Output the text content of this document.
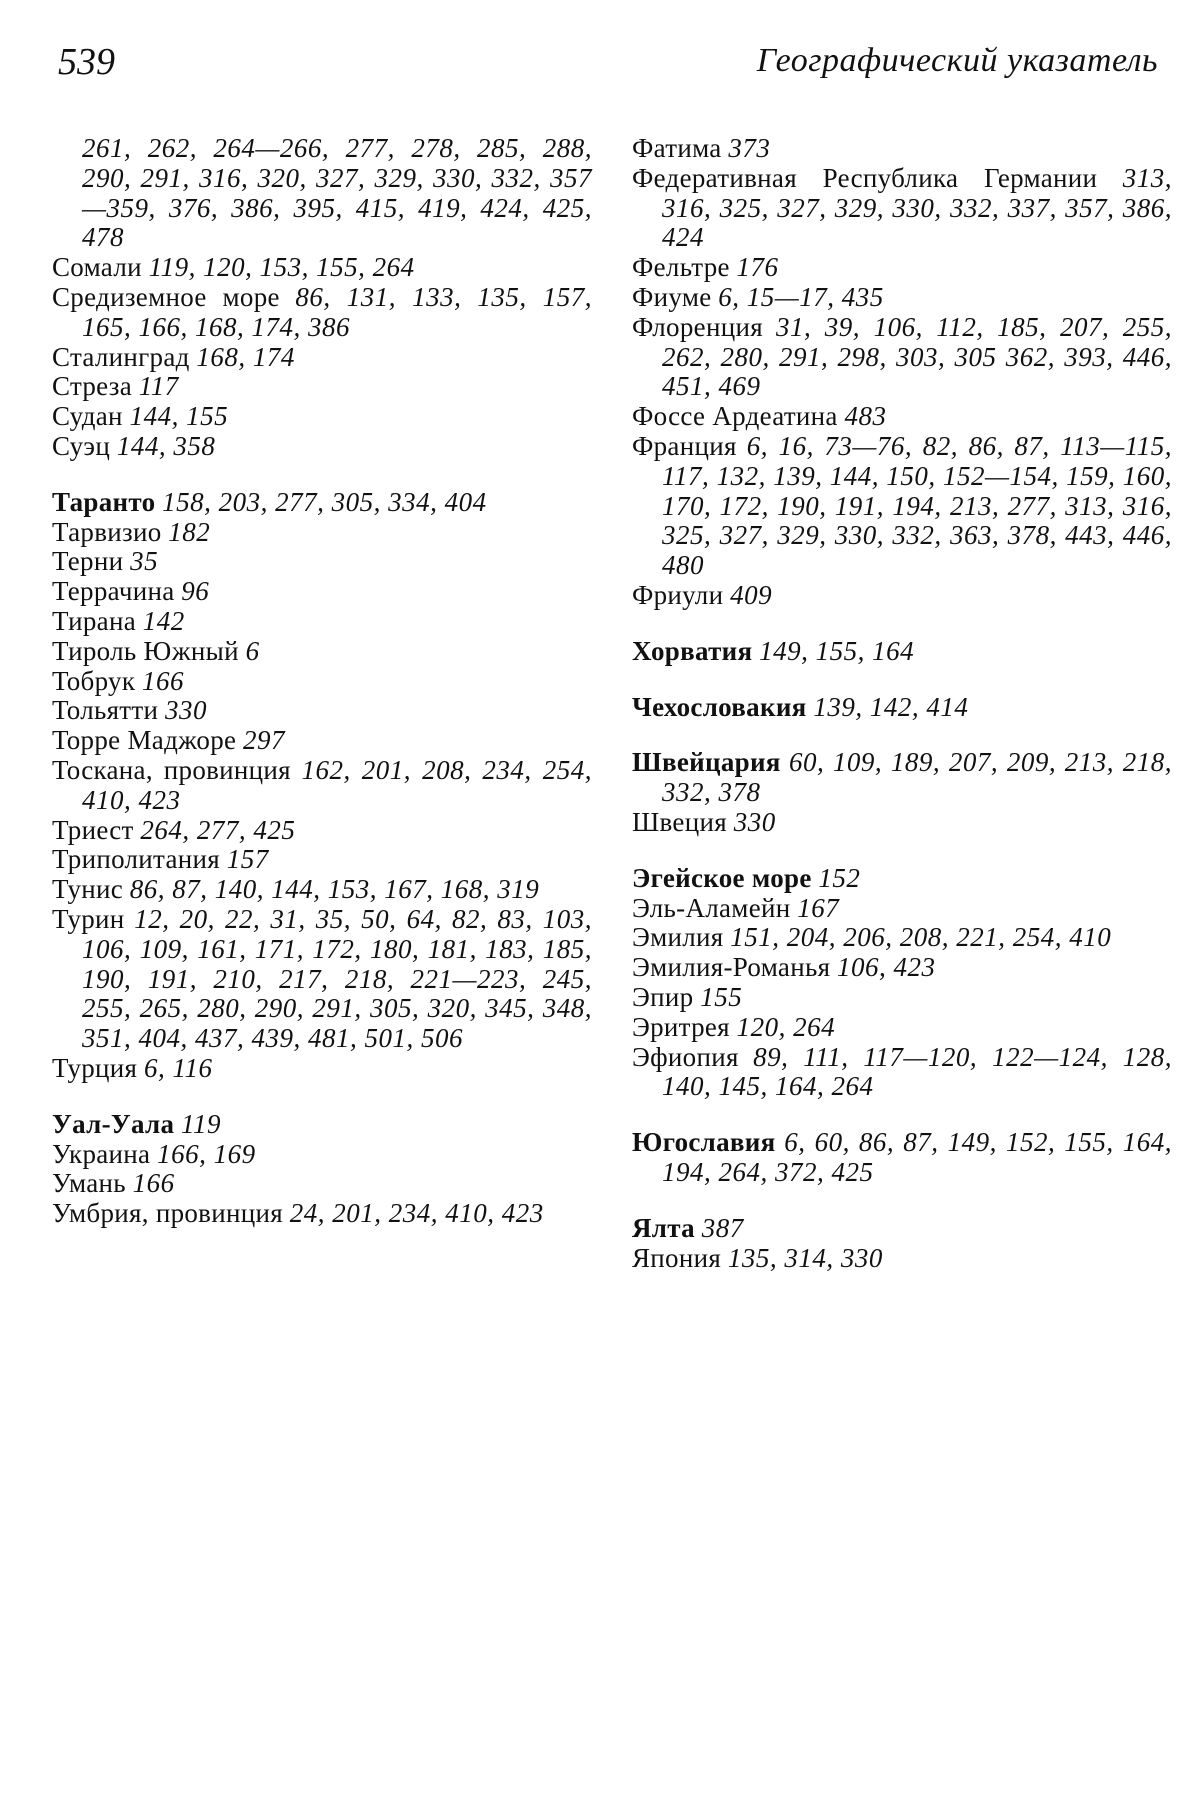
539	Географический указатель

261, 262, 264—266, 277, 278, 285, 288, 290, 291, 316, 320, 327, 329, 330, 332, 357—359, 376, 386, 395, 415, 419, 424, 425, 478

Сомали 119, 120, 153, 155, 264

Средиземное море 86, 131, 133, 135, 157, 165, 166, 168, 174, 386

Сталинград 168, 174

Стреза 117

Судан 144, 155

Суэц 144, 358

Таранто 158, 203, 277, 305, 334, 404

Тарвизио 182

Терни 35

Террачина 96

Тирана 142

Тироль Южный 6

Тобрук 166

Тольятти 330

Торре Маджоре 297

Тоскана, провинция 162, 201, 208, 234, 254, 410, 423

Триест 264, 277, 425

Триполитания 157

Тунис 86, 87, 140, 144, 153, 167, 168, 319

Турин 12, 20, 22, 31, 35, 50, 64, 82, 83, 103, 106, 109, 161, 171, 172, 180, 181, 183, 185, 190, 191, 210, 217, 218, 221—223, 245, 255, 265, 280, 290, 291, 305, 320, 345, 348, 351, 404, 437, 439, 481, 501, 506

Турция 6, 116

Уал-Уала 119

Украина 166, 169

Умань 166

Умбрия, провинция 24, 201, 234, 410, 423

Фатима 373

Федеративная Республика Германии 313, 316, 325, 327, 329, 330, 332, 337, 357, 386, 424

Фельтре 176

Фиуме 6, 15—17, 435

Флоренция 31, 39, 106, 112, 185, 207, 255, 262, 280, 291, 298, 303, 305 362, 393, 446, 451, 469

Фоссе Ардеатина 483

Франция 6, 16, 73—76, 82, 86, 87, 113—115, 117, 132, 139, 144, 150, 152—154, 159, 160, 170, 172, 190, 191, 194, 213, 277, 313, 316, 325, 327, 329, 330, 332, 363, 378, 443, 446, 480

Фриули 409

Хорватия 149, 155, 164

Чехословакия 139, 142, 414

Швейцария 60, 109, 189, 207, 209, 213, 218, 332, 378

Швеция 330

Эгейское море 152

Эль-Аламейн 167

Эмилия 151, 204, 206, 208, 221, 254, 410

Эмилия-Романья 106, 423

Эпир 155

Эритрея 120, 264

Эфиопия 89, 111, 117—120, 122—124, 128, 140, 145, 164, 264

Югославия 6, 60, 86, 87, 149, 152, 155, 164, 194, 264, 372, 425

Ялта 387

Япония 135, 314, 330
